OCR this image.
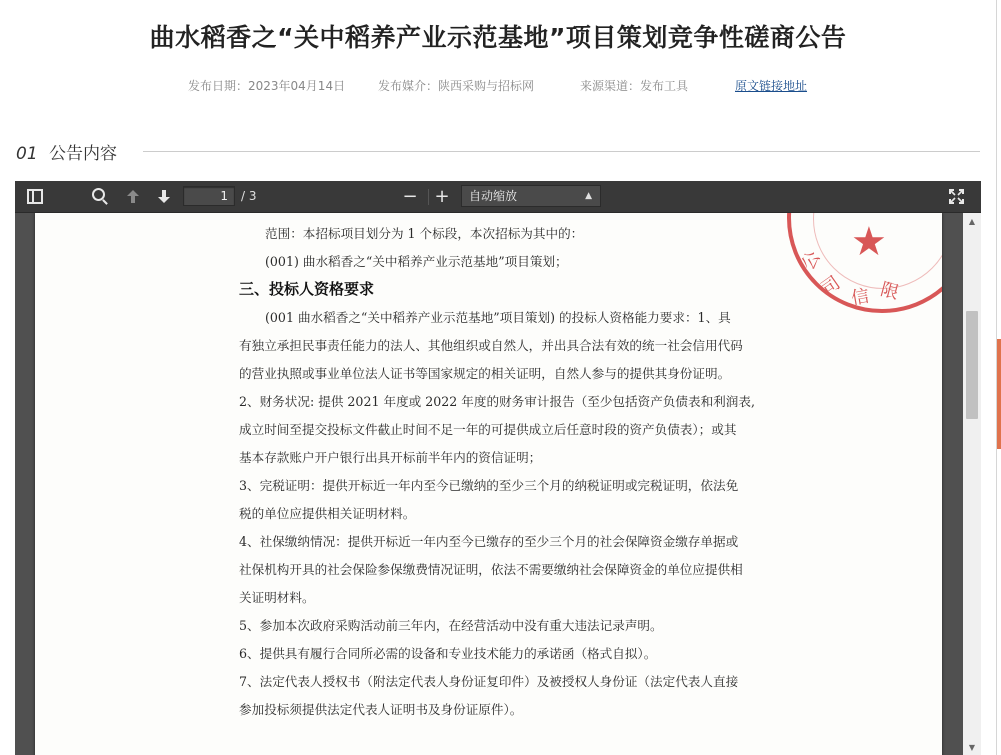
曲水稻香之“关中稻养产业示范基地”项目策划竞争性磋商公告
发布日期：2023年04月14日	发布媒介：陕西采购与招标网	来源渠道：发布工具	原文链接地址
01 公告内容
1	/ 3	− +	自动缩放	▲

公
司 信 限
★
范围：本招标项目划分为 1 个标段，本次招标为其中的：
(001) 曲水稻香之“关中稻养产业示范基地”项目策划；
三、投标人资格要求
(001 曲水稻香之“关中稻养产业示范基地”项目策划) 的投标人资格能力要求：1、具
有独立承担民事责任能力的法人、其他组织或自然人，并出具合法有效的统一社会信用代码
的营业执照或事业单位法人证书等国家规定的相关证明，自然人参与的提供其身份证明。
2、财务状况: 提供 2021 年度或 2022 年度的财务审计报告（至少包括资产负债表和利润表,
成立时间至提交投标文件截止时间不足一年的可提供成立后任意时段的资产负债表）；或其
基本存款账户开户银行出具开标前半年内的资信证明；
3、完税证明：提供开标近一年内至今已缴纳的至少三个月的纳税证明或完税证明，依法免
税的单位应提供相关证明材料。
4、社保缴纳情况：提供开标近一年内至今已缴存的至少三个月的社会保障资金缴存单据或
社保机构开具的社会保险参保缴费情况证明，依法不需要缴纳社会保障资金的单位应提供相
关证明材料。
5、参加本次政府采购活动前三年内，在经营活动中没有重大违法记录声明。
6、提供具有履行合同所必需的设备和专业技术能力的承诺函（格式自拟）。
7、法定代表人授权书（附法定代表人身份证复印件）及被授权人身份证（法定代表人直接
参加投标须提供法定代表人证明书及身份证原件）。
▲
▼
